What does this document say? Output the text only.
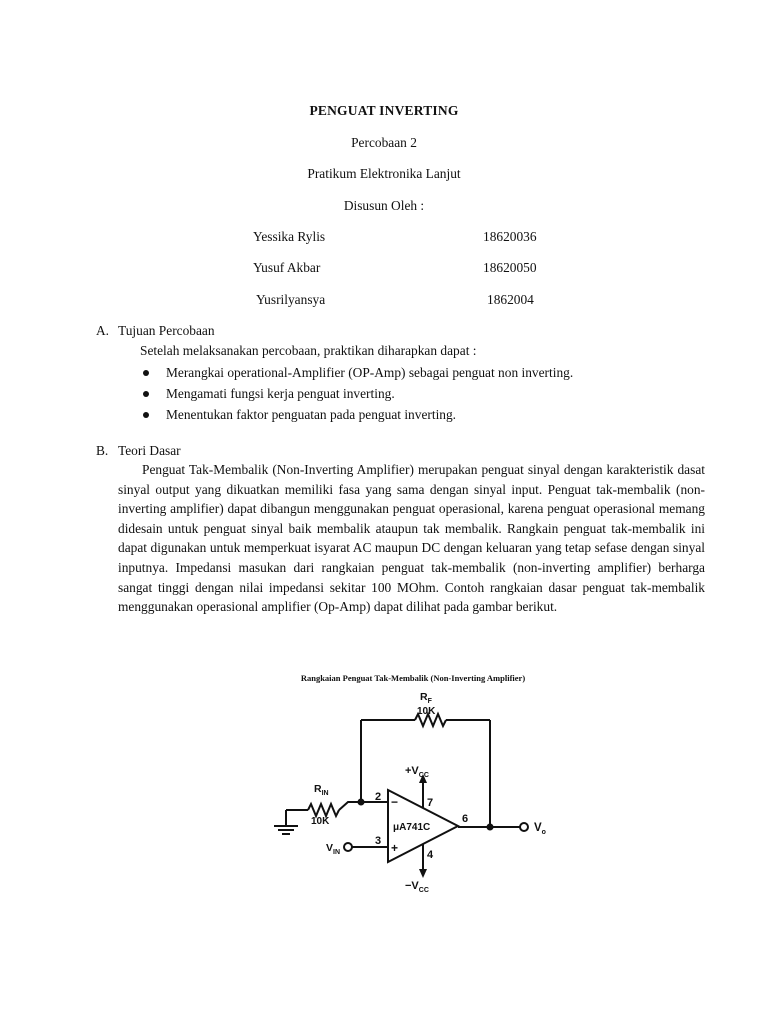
PENGUAT INVERTING
Percobaan 2
Pratikum Elektronika Lanjut
Disusun Oleh :
Yessika Rylis	18620036
Yusuf Akbar	18620050
Yusrilyansya	1862004
A. Tujuan Percobaan
Setelah melaksanakan percobaan, praktikan diharapkan dapat :
Merangkai operational-Amplifier (OP-Amp) sebagai penguat non inverting.
Mengamati fungsi kerja penguat inverting.
Menentukan faktor penguatan pada penguat inverting.
B. Teori Dasar

Penguat Tak-Membalik (Non-Inverting Amplifier) merupakan penguat sinyal dengan karakteristik dasat sinyal output yang dikuatkan memiliki fasa yang sama dengan sinyal input. Penguat tak-membalik (non-inverting amplifier) dapat dibangun menggunakan penguat operasional, karena penguat operasional memang didesain untuk penguat sinyal baik membalik ataupun tak membalik. Rangkain penguat tak-membalik ini dapat digunakan untuk memperkuat isyarat AC maupun DC dengan keluaran yang tetap sefase dengan sinyal inputnya. Impedansi masukan dari rangkaian penguat tak-membalik (non-inverting amplifier) berharga sangat tinggi dengan nilai impedansi sekitar 100 MOhm. Contoh rangkaian dasar penguat tak-membalik menggunakan operasional amplifier (Op-Amp) dapat dilihat pada gambar berikut.

Rangkaian Penguat Tak-Membalik (Non-Inverting Amplifier)
$R_F$
10K
$R_{IN}$
10K
$+V_{CC}$
$-V_{CC}$
$V_{IN}$
$V_o$
μA741C
−
+
2
3
7
4
6
